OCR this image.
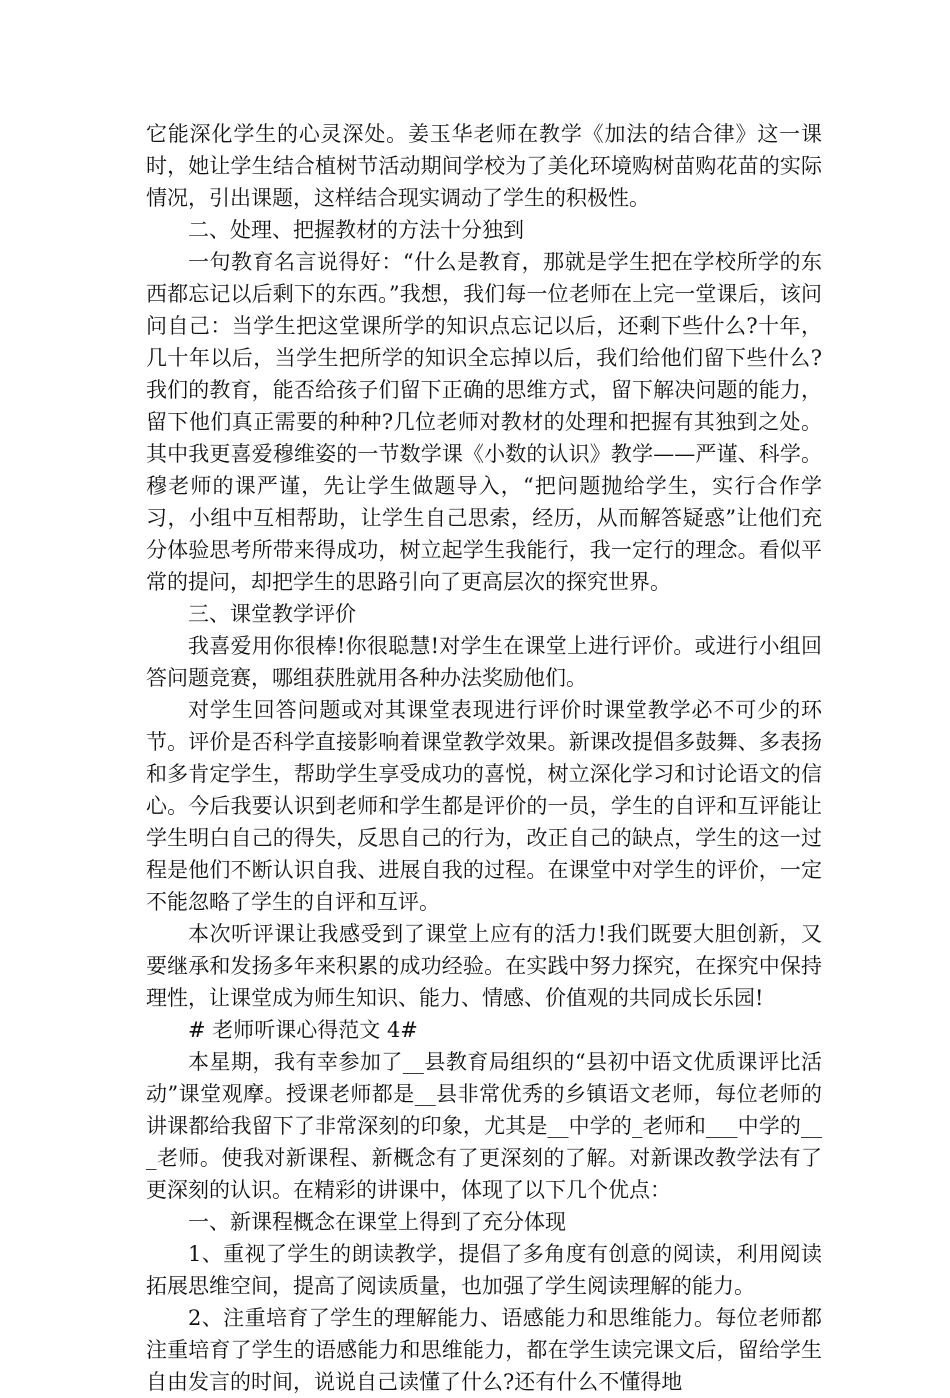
它能深化学生的心灵深处。姜玉华老师在教学《加法的结合律》这一课时，她让学生结合植树节活动期间学校为了美化环境购树苗购花苗的实际情况，引出课题，这样结合现实调动了学生的积极性。

二、处理、把握教材的方法十分独到

一句教育名言说得好：“什么是教育，那就是学生把在学校所学的东西都忘记以后剩下的东西。”我想，我们每一位老师在上完一堂课后，该问问自己：当学生把这堂课所学的知识点忘记以后，还剩下些什么?十年，几十年以后，当学生把所学的知识全忘掉以后，我们给他们留下些什么?我们的教育，能否给孩子们留下正确的思维方式，留下解决问题的能力，留下他们真正需要的种种?几位老师对教材的处理和把握有其独到之处。其中我更喜爱穆维姿的一节数学课《小数的认识》教学——严谨、科学。穆老师的课严谨，先让学生做题导入，“把问题抛给学生，实行合作学习，小组中互相帮助，让学生自己思索，经历，从而解答疑惑”让他们充分体验思考所带来得成功，树立起学生我能行，我一定行的理念。看似平常的提问，却把学生的思路引向了更高层次的探究世界。

三、课堂教学评价

我喜爱用你很棒!你很聪慧!对学生在课堂上进行评价。或进行小组回答问题竞赛，哪组获胜就用各种办法奖励他们。

对学生回答问题或对其课堂表现进行评价时课堂教学必不可少的环节。评价是否科学直接影响着课堂教学效果。新课改提倡多鼓舞、多表扬和多肯定学生，帮助学生享受成功的喜悦，树立深化学习和讨论语文的信心。今后我要认识到老师和学生都是评价的一员，学生的自评和互评能让学生明白自己的得失，反思自己的行为，改正自己的缺点，学生的这一过程是他们不断认识自我、进展自我的过程。在课堂中对学生的评价，一定不能忽略了学生的自评和互评。

本次听评课让我感受到了课堂上应有的活力!我们既要大胆创新，又要继承和发扬多年来积累的成功经验。在实践中努力探究，在探究中保持理性，让课堂成为师生知识、能力、情感、价值观的共同成长乐园!

# 老师听课心得范文 4#

本星期，我有幸参加了__县教育局组织的“县初中语文优质课评比活动”课堂观摩。授课老师都是__县非常优秀的乡镇语文老师，每位老师的讲课都给我留下了非常深刻的印象，尤其是__中学的_老师和___中学的___老师。使我对新课程、新概念有了更深刻的了解。对新课改教学法有了更深刻的认识。在精彩的讲课中，体现了以下几个优点：

一、新课程概念在课堂上得到了充分体现

1、重视了学生的朗读教学，提倡了多角度有创意的阅读，利用阅读拓展思维空间，提高了阅读质量，也加强了学生阅读理解的能力。

2、注重培育了学生的理解能力、语感能力和思维能力。每位老师都注重培育了学生的语感能力和思维能力，都在学生读完课文后，留给学生自由发言的时间，说说自己读懂了什么?还有什么不懂得地
